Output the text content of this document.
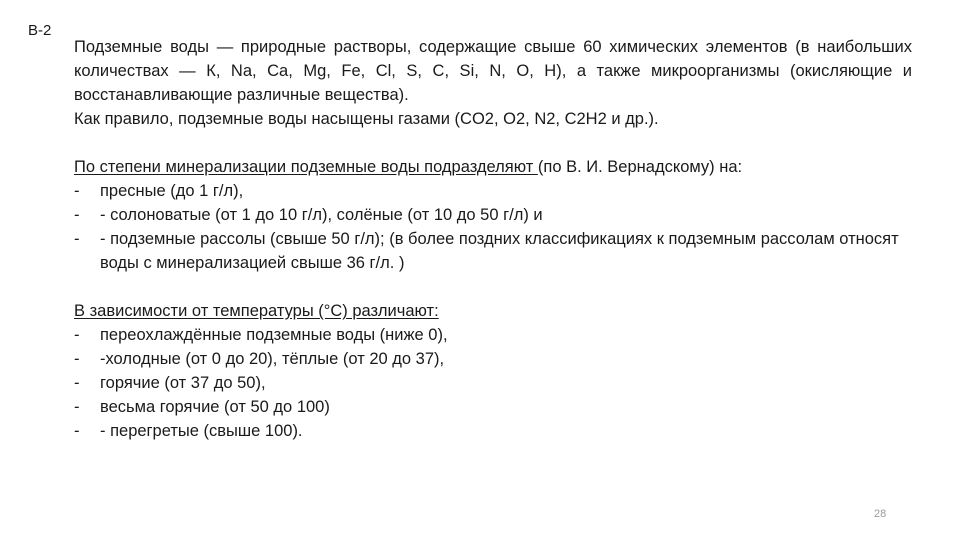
В-2
Подземные воды — природные растворы, содержащие свыше 60 химических элементов (в наибольших количествах — К, Na, Ca, Mg, Fe, Cl, S, C, Si, N, O, H), а также микроорганизмы (окисляющие и восстанавливающие различные вещества).
Как правило, подземные воды насыщены газами (CO2, O2, N2, C2H2 и др.).
По степени минерализации подземные воды подразделяют (по В. И. Вернадскому) на:
- пресные (до 1 г/л),
- - солоноватые (от 1 до 10 г/л), солёные (от 10 до 50 г/л) и
- - подземные рассолы (свыше 50 г/л); (в более поздних классификациях к подземным рассолам относят воды с минерализацией свыше 36 г/л. )
В зависимости от температуры (°С) различают:
- переохлаждённые подземные воды (ниже 0),
- -холодные (от 0 до 20), тёплые (от 20 до 37),
- горячие (от 37 до 50),
- весьма горячие (от 50 до 100)
- - перегретые (свыше 100).
28
